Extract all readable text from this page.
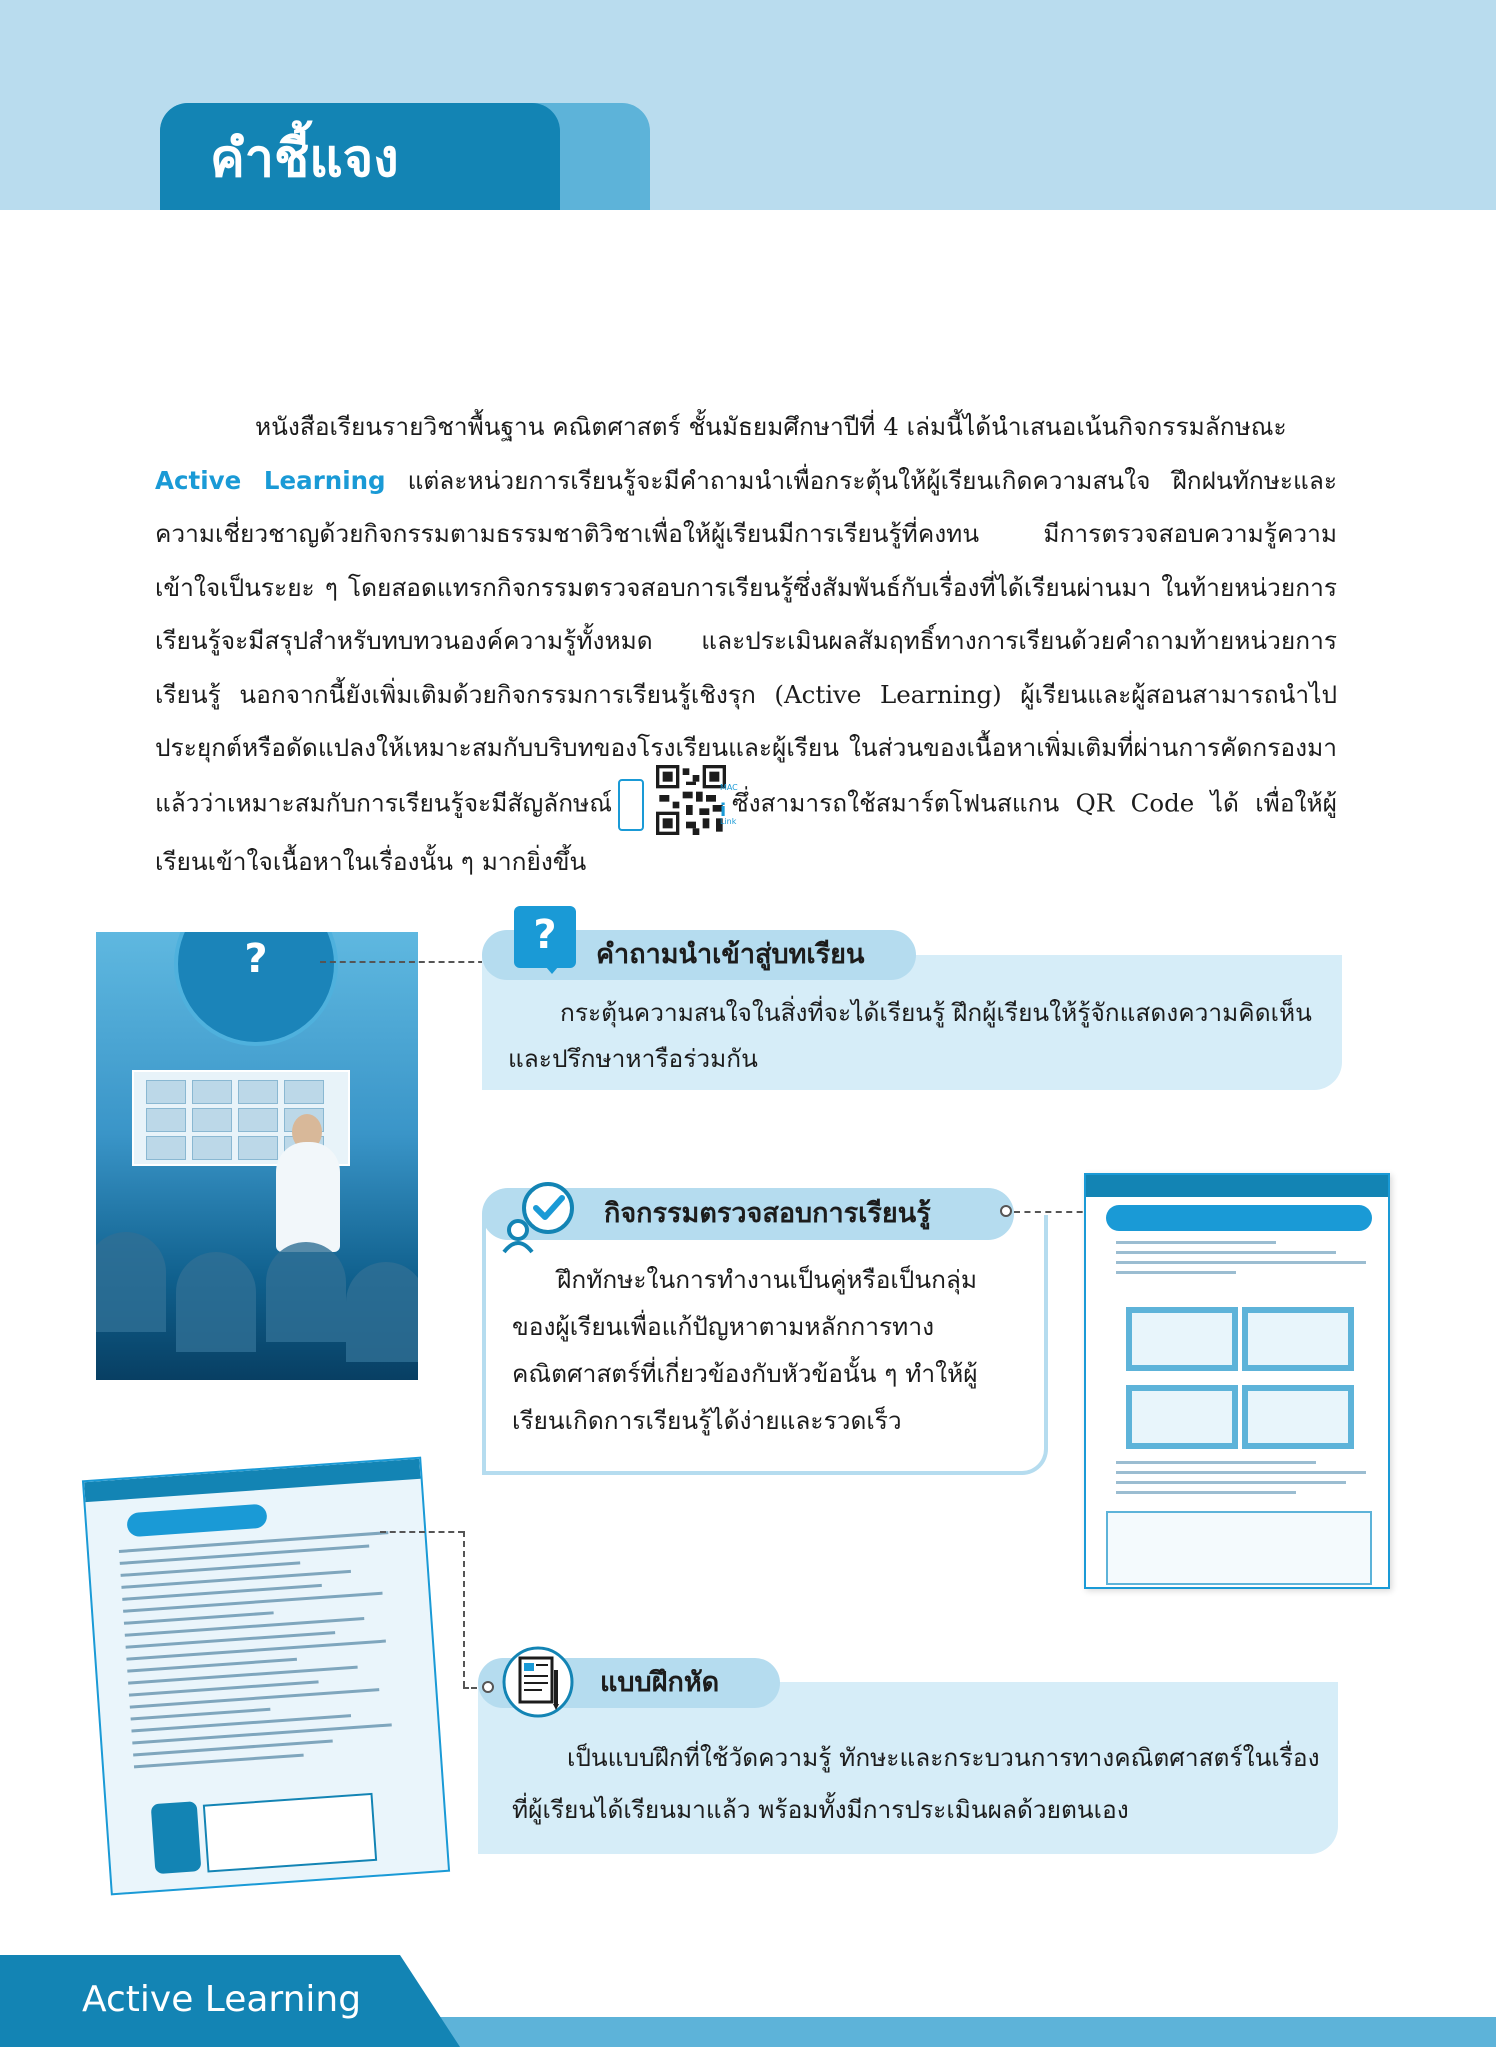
คำชี้แจง

หนังสือเรียนรายวิชาพื้นฐาน คณิตศาสตร์ ชั้นมัธยมศึกษาปีที่ 4 เล่มนี้ได้นำเสนอเน้นกิจกรรมลักษณะ
Active Learning แต่ละหน่วยการเรียนรู้จะมีคำถามนำเพื่อกระตุ้นให้ผู้เรียนเกิดความสนใจ ฝึกฝนทักษะและความเชี่ยวชาญด้วยกิจกรรมตามธรรมชาติวิชาเพื่อให้ผู้เรียนมีการเรียนรู้ที่คงทน มีการตรวจสอบความรู้ความเข้าใจเป็นระยะ ๆ โดยสอดแทรกกิจกรรมตรวจสอบการเรียนรู้ซึ่งสัมพันธ์กับเรื่องที่ได้เรียนผ่านมา ในท้ายหน่วยการเรียนรู้จะมีสรุปสำหรับทบทวนองค์ความรู้ทั้งหมด และประเมินผลสัมฤทธิ์ทางการเรียนด้วยคำถามท้ายหน่วยการเรียนรู้ นอกจากนี้ยังเพิ่มเติมด้วยกิจกรรมการเรียนรู้เชิงรุก (Active Learning) ผู้เรียนและผู้สอนสามารถนำไปประยุกต์หรือดัดแปลงให้เหมาะสมกับบริบทของโรงเรียนและผู้เรียน ในส่วนของเนื้อหาเพิ่มเติมที่ผ่านการคัดกรองมาแล้วว่าเหมาะสมกับการเรียนรู้จะมีสัญลักษณ์
MAC
i
Link
ซึ่งสามารถใช้สมาร์ตโฟนสแกน QR Code ได้ เพื่อให้ผู้เรียนเข้าใจเนื้อหาในเรื่องนั้น ๆ มากยิ่งขึ้น

?
?	คำถามนำเข้าสู่บทเรียน
กระตุ้นความสนใจในสิ่งที่จะได้เรียนรู้ ฝึกผู้เรียนให้รู้จักแสดงความคิดเห็นและปรึกษาหารือร่วมกัน
กิจกรรมตรวจสอบการเรียนรู้
ฝึกทักษะในการทำงานเป็นคู่หรือเป็นกลุ่มของผู้เรียนเพื่อแก้ปัญหาตามหลักการทางคณิตศาสตร์ที่เกี่ยวข้องกับหัวข้อนั้น ๆ ทำให้ผู้เรียนเกิดการเรียนรู้ได้ง่ายและรวดเร็ว
แบบฝึกหัด
เป็นแบบฝึกที่ใช้วัดความรู้ ทักษะและกระบวนการทางคณิตศาสตร์ในเรื่องที่ผู้เรียนได้เรียนมาแล้ว พร้อมทั้งมีการประเมินผลด้วยตนเอง
Active Learning
